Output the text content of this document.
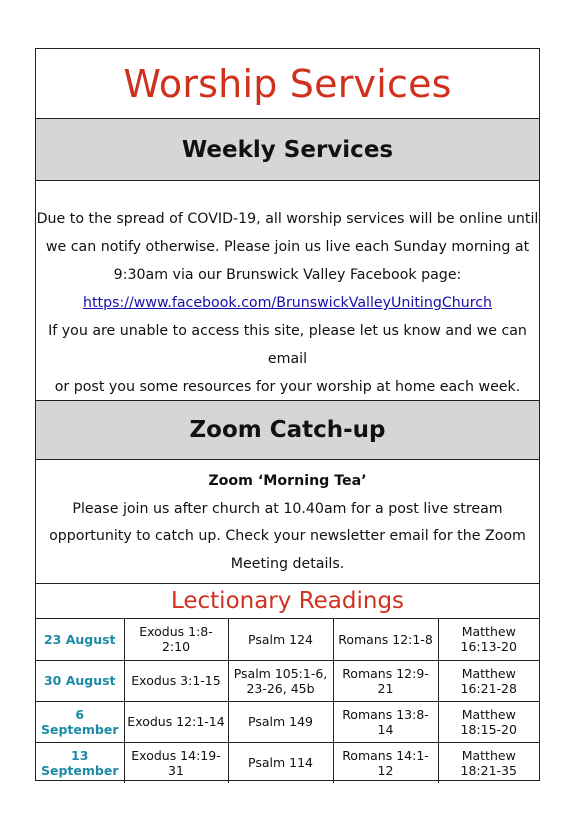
Worship Services
Weekly Services

Due to the spread of COVID-19, all worship services will be online until

we can notify otherwise. Please join us live each Sunday morning at

9:30am via our Brunswick Valley Facebook page:

https://www.facebook.com/BrunswickValleyUnitingChurch

If you are unable to access this site, please let us know and we can email

or post you some resources for your worship at home each week.

Zoom Catch-up

Zoom ‘Morning Tea’

Please join us after church at 10.40am for a post live stream

opportunity to catch up. Check your newsletter email for the Zoom

Meeting details.

Lectionary Readings
23 August	Exodus 1:8-2:10	Psalm 124	Romans 12:1-8	Matthew 16:13-20
30 August	Exodus 3:1-15	Psalm 105:1-6, 23-26, 45b	Romans 12:9-21	Matthew 16:21-28
6 September	Exodus 12:1-14	Psalm 149	Romans 13:8-14	Matthew 18:15-20
13 September	Exodus 14:19-31	Psalm 114	Romans 14:1-12	Matthew 18:21-35
